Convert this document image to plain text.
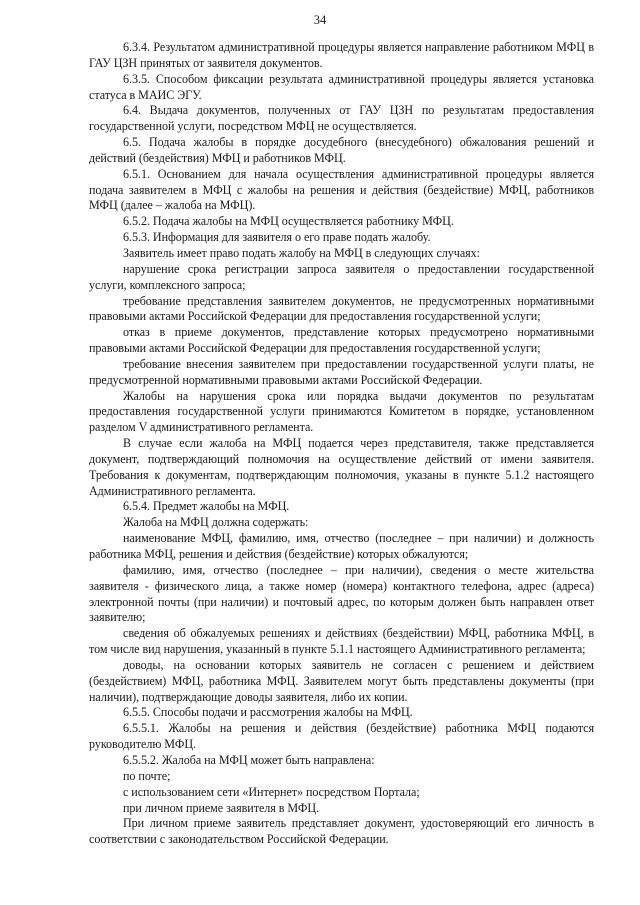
34

6.3.4. Результатом административной процедуры является направление работником МФЦ в ГАУ ЦЗН принятых от заявителя документов.

6.3.5. Способом фиксации результата административной процедуры является установка статуса в МАИС ЭГУ.

6.4. Выдача документов, полученных от ГАУ ЦЗН по результатам предоставления государственной услуги, посредством МФЦ не осуществляется.

6.5. Подача жалобы в порядке досудебного (внесудебного) обжалования решений и действий (бездействия) МФЦ и работников МФЦ.

6.5.1. Основанием для начала осуществления административной процедуры является подача заявителем в МФЦ с жалобы на решения и действия (бездействие) МФЦ, работников МФЦ (далее – жалоба на МФЦ).

6.5.2. Подача жалобы на МФЦ осуществляется работнику МФЦ.

6.5.3. Информация для заявителя о его праве подать жалобу.

Заявитель имеет право подать жалобу на МФЦ в следующих случаях:

нарушение срока регистрации запроса заявителя о предоставлении государственной услуги, комплексного запроса;

требование представления заявителем документов, не предусмотренных нормативными правовыми актами Российской Федерации для предоставления государственной услуги;

отказ в приеме документов, представление которых предусмотрено нормативными правовыми актами Российской Федерации для предоставления государственной услуги;

требование внесения заявителем при предоставлении государственной услуги платы, не предусмотренной нормативными правовыми актами Российской Федерации.

Жалобы на нарушения срока или порядка выдачи документов по результатам предоставления государственной услуги принимаются Комитетом в порядке, установленном разделом V административного регламента.

В случае если жалоба на МФЦ подается через представителя, также представляется документ, подтверждающий полномочия на осуществление действий от имени заявителя. Требования к документам, подтверждающим полномочия, указаны в пункте 5.1.2 настоящего Административного регламента.

6.5.4. Предмет жалобы на МФЦ.

Жалоба на МФЦ должна содержать:

наименование МФЦ, фамилию, имя, отчество (последнее – при наличии) и должность работника МФЦ, решения и действия (бездействие) которых обжалуются;

фамилию, имя, отчество (последнее – при наличии), сведения о месте жительства заявителя - физического лица, а также номер (номера) контактного телефона, адрес (адреса) электронной почты (при наличии) и почтовый адрес, по которым должен быть направлен ответ заявителю;

сведения об обжалуемых решениях и действиях (бездействии) МФЦ, работника МФЦ, в том числе вид нарушения, указанный в пункте 5.1.1 настоящего Административного регламента;

доводы, на основании которых заявитель не согласен с решением и действием (бездействием) МФЦ, работника МФЦ. Заявителем могут быть представлены документы (при наличии), подтверждающие доводы заявителя, либо их копии.

6.5.5. Способы подачи и рассмотрения жалобы на МФЦ.

6.5.5.1. Жалобы на решения и действия (бездействие) работника МФЦ подаются руководителю МФЦ.

6.5.5.2. Жалоба на МФЦ может быть направлена:

по почте;

с использованием сети «Интернет» посредством Портала;

при личном приеме заявителя в МФЦ.

При личном приеме заявитель представляет документ, удостоверяющий его личность в соответствии с законодательством Российской Федерации.
